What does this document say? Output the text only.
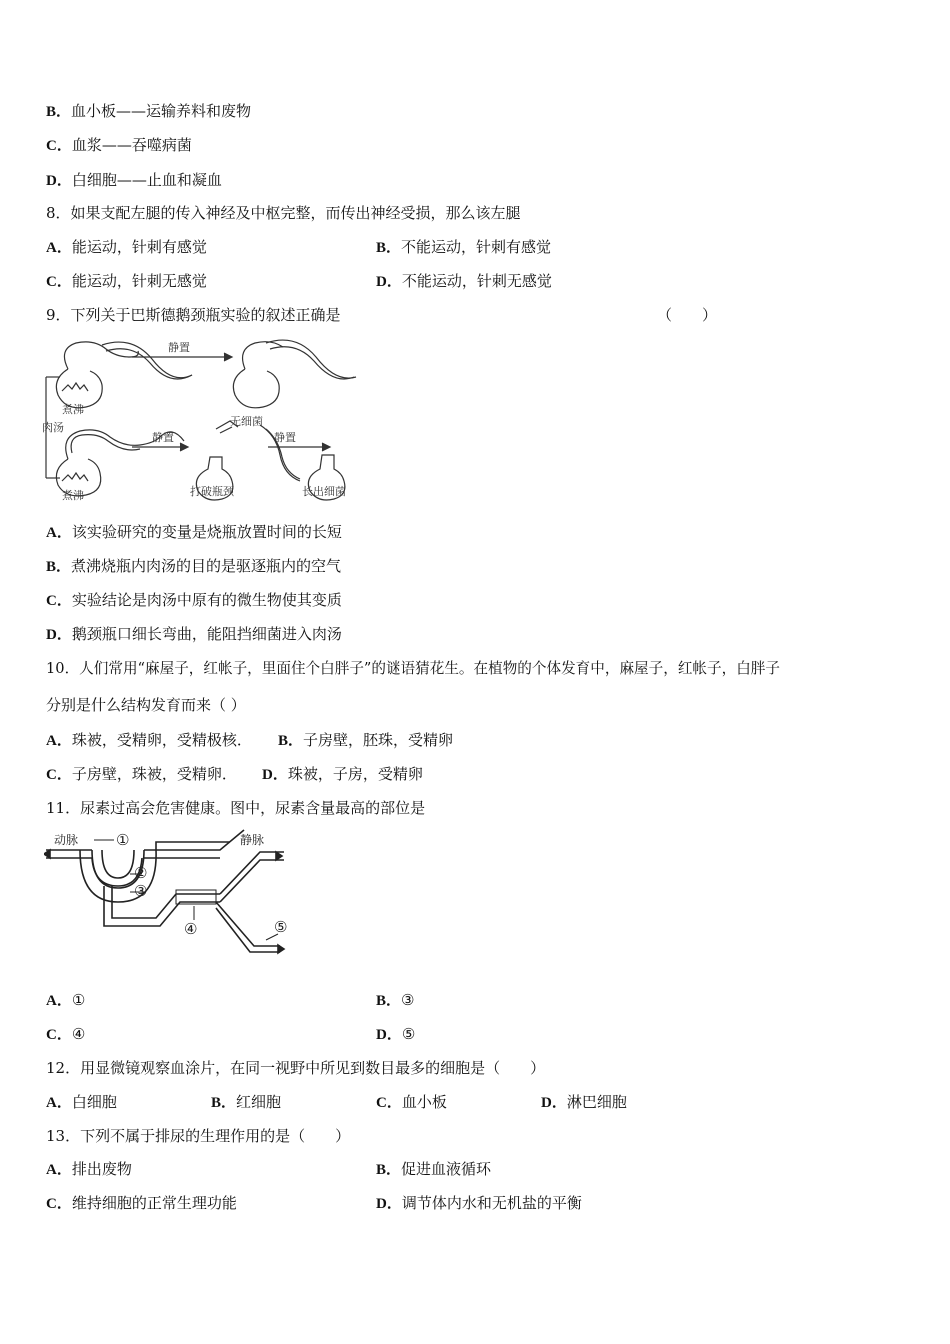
B．血小板——运输养料和废物
C．血浆——吞噬病菌
D．白细胞——止血和凝血
8．如果支配左腿的传入神经及中枢完整，而传出神经受损，那么该左腿
A．能运动，针刺有感觉	B．不能运动，针刺有感觉
C．能运动，针刺无感觉	D．不能运动，针刺无感觉
9．下列关于巴斯德鹅颈瓶实验的叙述正确是	（　　）
煮沸
静置
无细菌
肉汤
煮沸
静置
打破瓶颈
静置
长出细菌
A．该实验研究的变量是烧瓶放置时间的长短
B．煮沸烧瓶内肉汤的目的是驱逐瓶内的空气
C．实验结论是肉汤中原有的微生物使其变质
D．鹅颈瓶口细长弯曲，能阻挡细菌进入肉汤
10．人们常用“麻屋子，红帐子，里面住个白胖子”的谜语猜花生。在植物的个体发育中，麻屋子，红帐子，白胖子
分别是什么结构发育而来（ ）
A．珠被，受精卵，受精极核． B．子房壁，胚珠，受精卵
C．子房壁，珠被，受精卵． D．珠被，子房，受精卵
11．尿素过高会危害健康。图中，尿素含量最高的部位是
动脉	静脉
①
②
③
④	⑤
A．①	B．③
C．④	D．⑤
12．用显微镜观察血涂片，在同一视野中所见到数目最多的细胞是（　　）
A．白细胞	B．红细胞	C．血小板	D．淋巴细胞
13．下列不属于排尿的生理作用的是（　　）
A．排出废物	B．促进血液循环
C．维持细胞的正常生理功能	D．调节体内水和无机盐的平衡
